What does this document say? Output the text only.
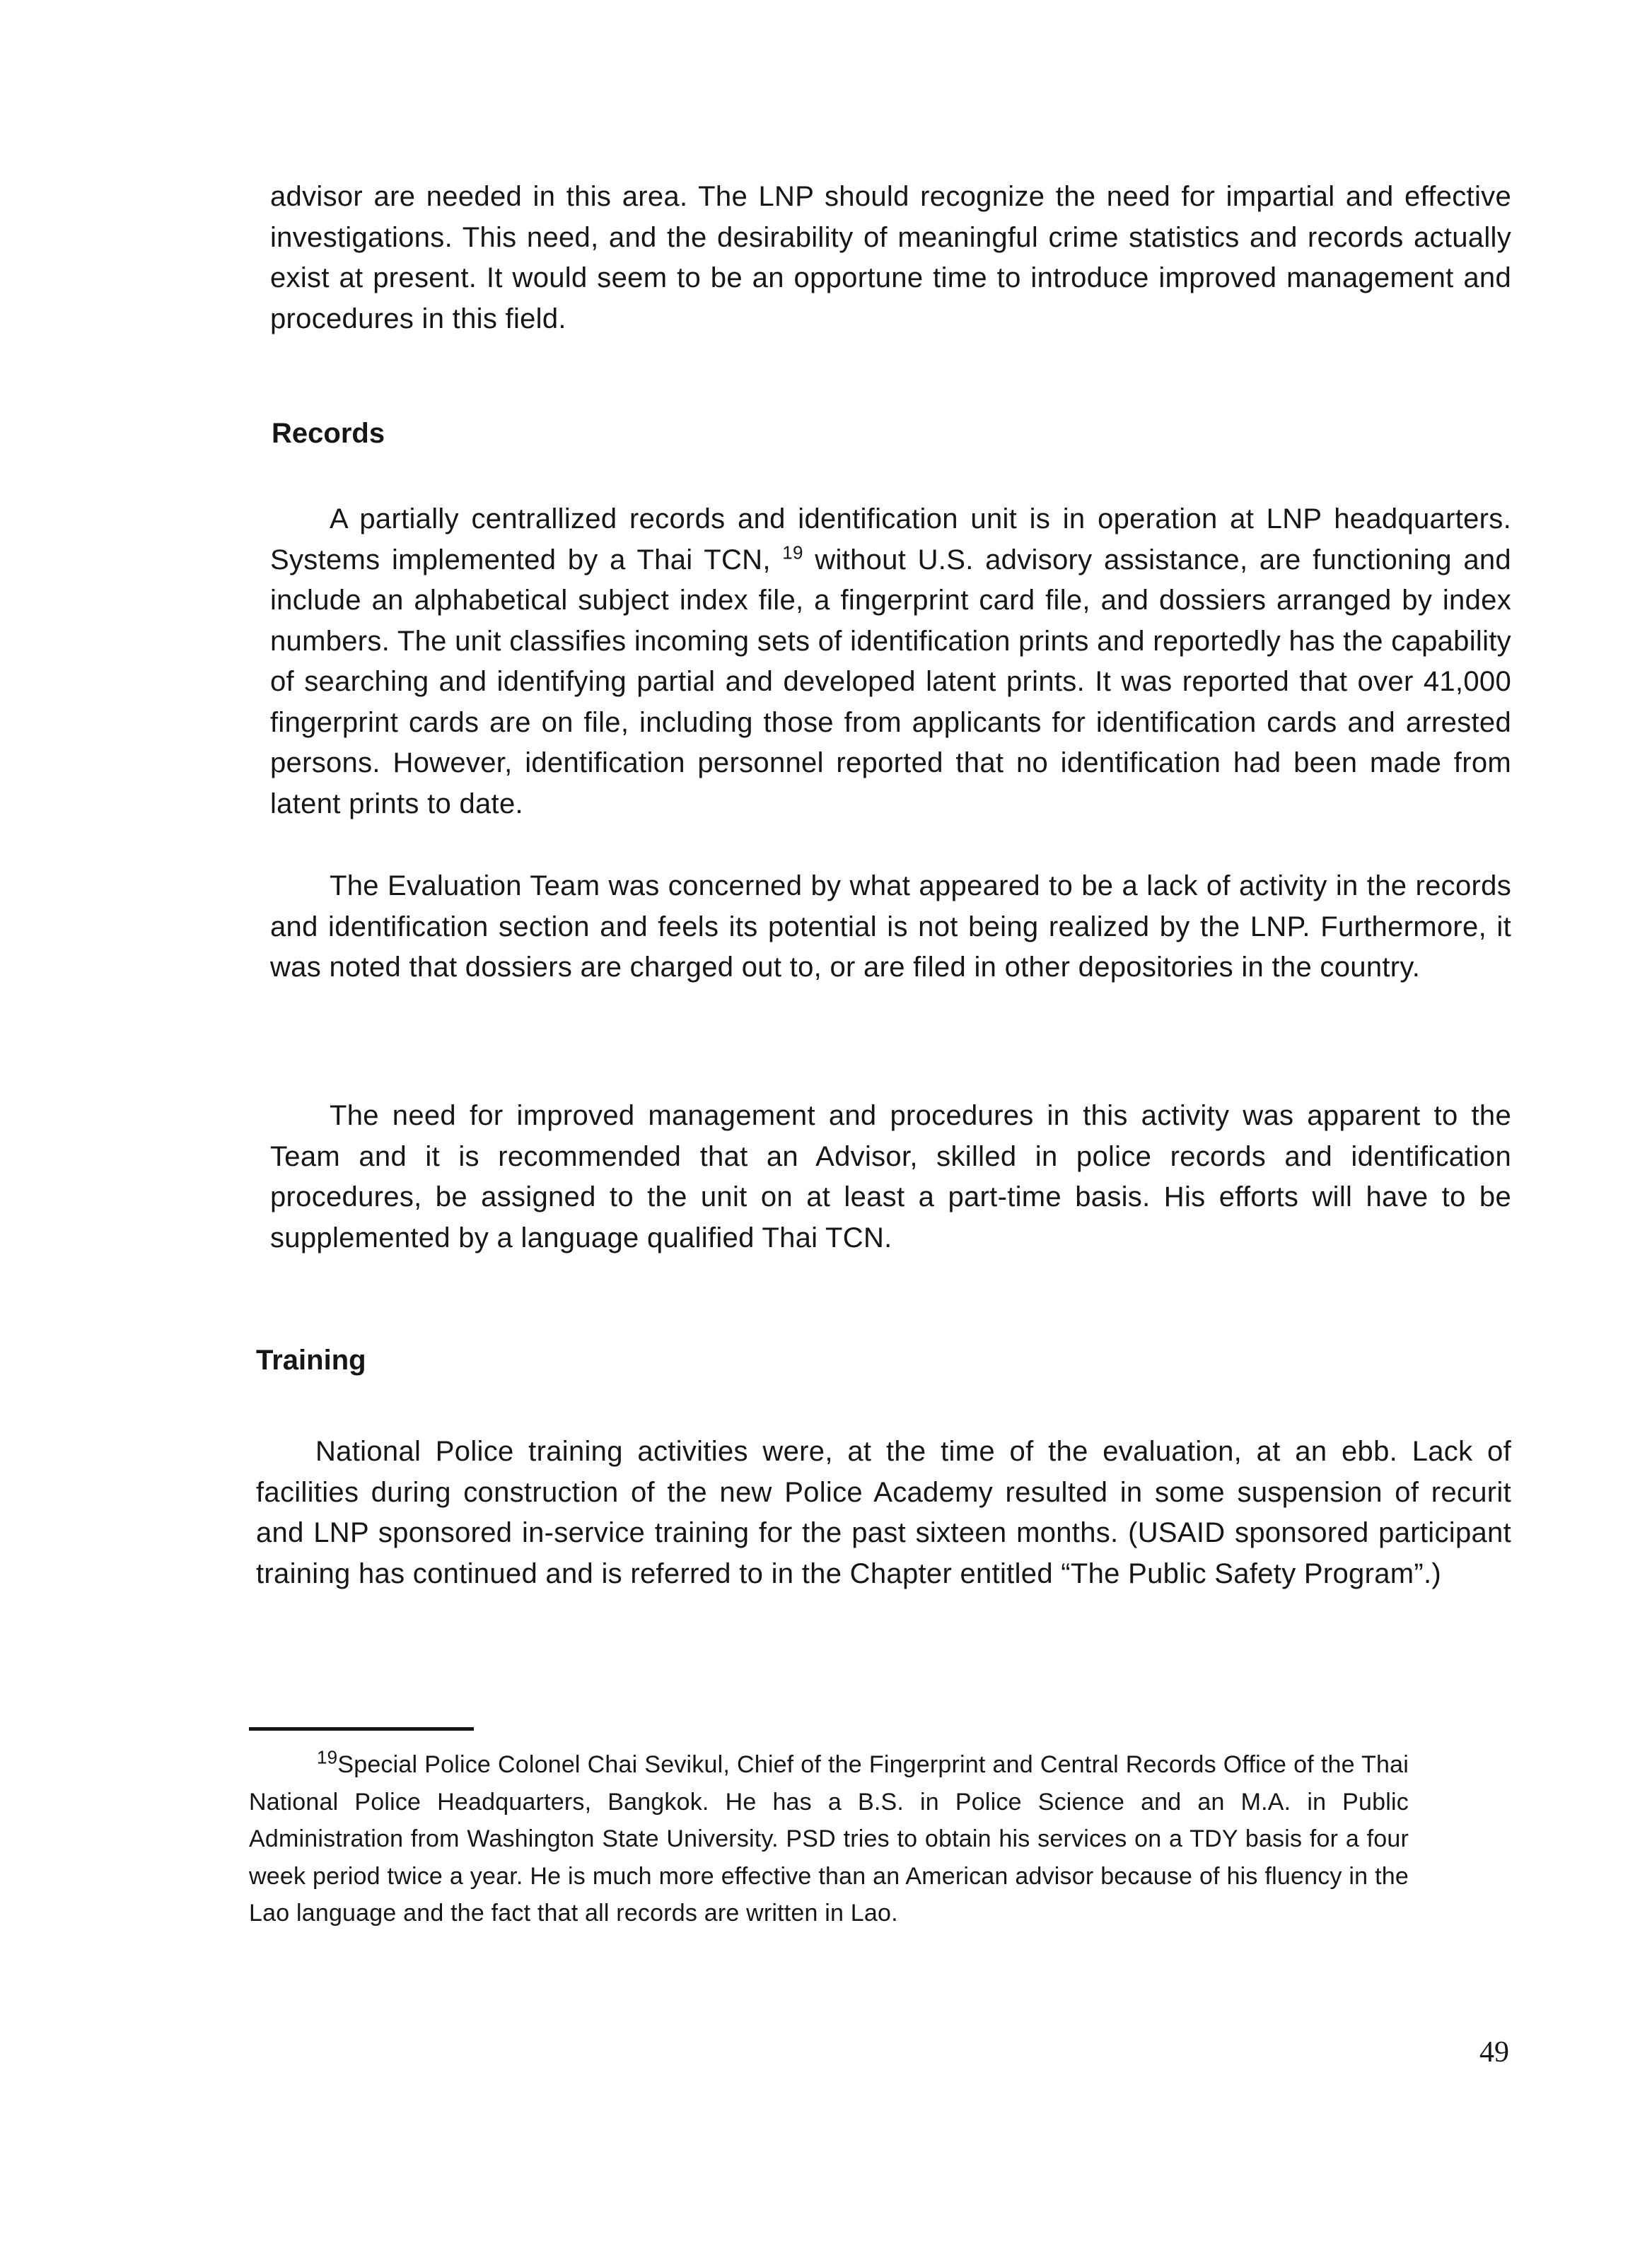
advisor are needed in this area. The LNP should recognize the need for impartial and effective investigations. This need, and the desirability of meaningful crime statistics and records actually exist at present. It would seem to be an opportune time to introduce improved management and procedures in this field.

Records

A partially centrallized records and identification unit is in operation at LNP headquarters. Systems implemented by a Thai TCN, $^{19}$ without U.S. advisory assistance, are functioning and include an alphabetical subject index file, a fingerprint card file, and dossiers arranged by index numbers. The unit classifies incoming sets of identification prints and reportedly has the capability of searching and identifying partial and developed latent prints. It was reported that over 41,000 fingerprint cards are on file, including those from applicants for identification cards and arrested persons. However, identification personnel reported that no identification had been made from latent prints to date.

The Evaluation Team was concerned by what appeared to be a lack of activity in the records and identification section and feels its potential is not being realized by the LNP. Furthermore, it was noted that dossiers are charged out to, or are filed in other depositories in the country.

The need for improved management and procedures in this activity was apparent to the Team and it is recommended that an Advisor, skilled in police records and identification procedures, be assigned to the unit on at least a part-time basis. His efforts will have to be supplemented by a language qualified Thai TCN.

Training

National Police training activities were, at the time of the evaluation, at an ebb. Lack of facilities during construction of the new Police Academy resulted in some suspension of recurit and LNP sponsored in-service training for the past sixteen months. (USAID sponsored participant training has continued and is referred to in the Chapter entitled “The Public Safety Program”.)

$^{19}$Special Police Colonel Chai Sevikul, Chief of the Fingerprint and Central Records Office of the Thai National Police Headquarters, Bangkok. He has a B.S. in Police Science and an M.A. in Public Administration from Washington State University. PSD tries to obtain his services on a TDY basis for a four week period twice a year. He is much more effective than an American advisor because of his fluency in the Lao language and the fact that all records are written in Lao.

49
